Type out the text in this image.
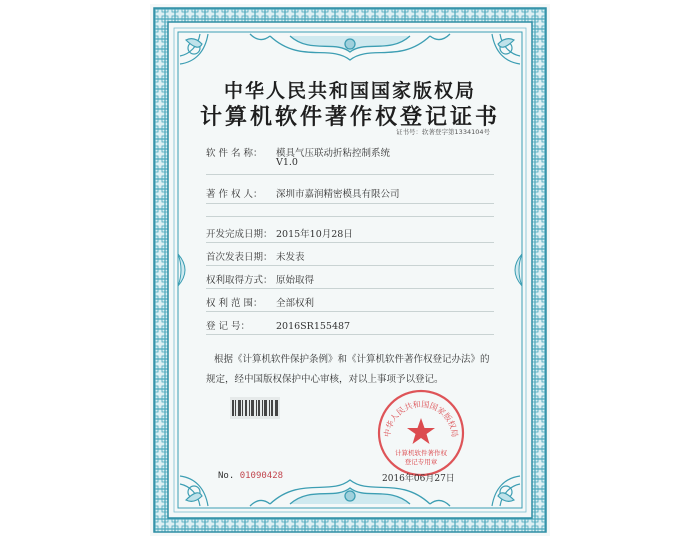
中华人民共和国国家版权局
计算机软件著作权登记证书
证书号：软著登字第1334104号
软 件 名 称： 模具气压联动折粘控制系统
V1.0
著 作 权 人： 深圳市嘉润精密模具有限公司
开发完成日期： 2015年10月28日
首次发表日期： 未发表
权利取得方式： 原始取得
权 利 范 围： 全部权利
登 记 号：	2016SR155487
根据《计算机软件保护条例》和《计算机软件著作权登记办法》的
规定，经中国版权保护中心审核，对以上事项予以登记。
No. 01090428
中华人民共和国国家版权局
计算机软件著作权
登记专用章
2016年06月27日
